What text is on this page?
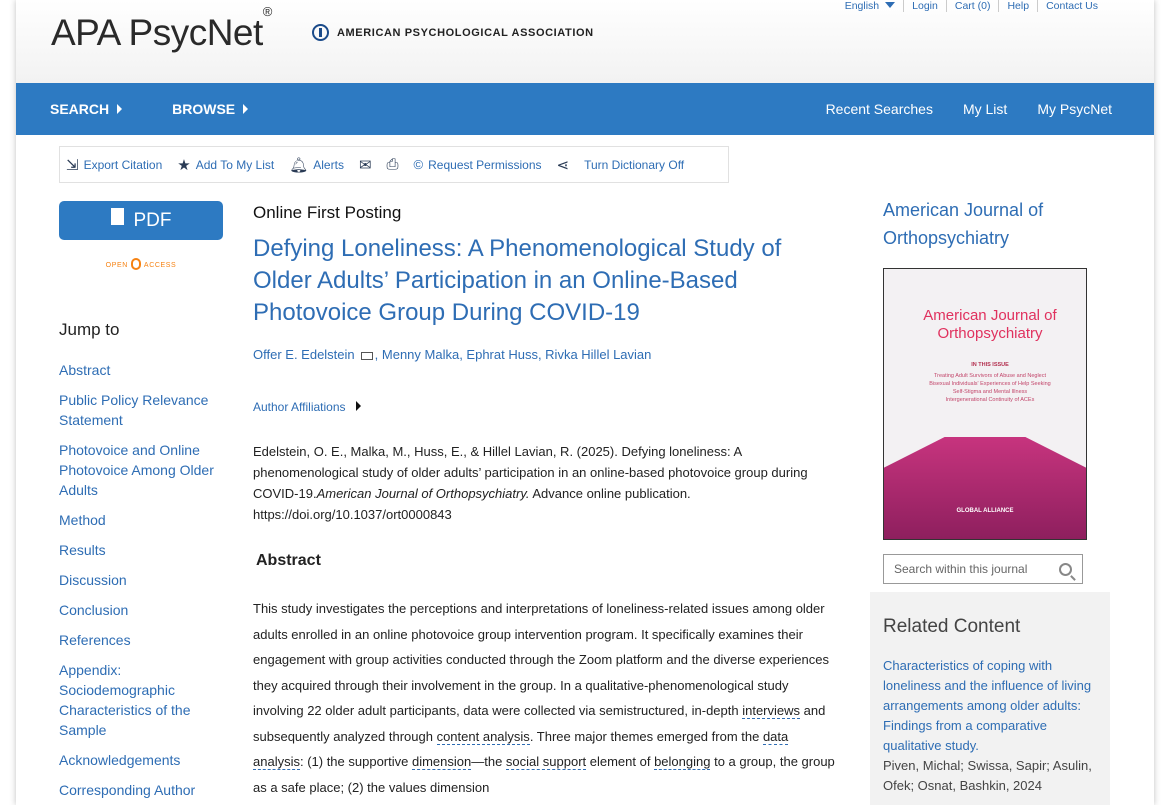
APA PsycNet®
AMERICAN PSYCHOLOGICAL ASSOCIATION
English	Login	Cart (0)	Help	Contact Us
SEARCH	BROWSE	Recent Searches My List My PsycNet
⇲ Export Citation ★ Add To My List 🔔︎ Alerts ✉ ⎙ © Request Permissions ⋖ Turn Dictionary Off
PDF
OPEN ACCESS
Jump to
Abstract
Public Policy Relevance Statement
Photovoice and Online Photovoice Among Older Adults
Method
Results
Discussion
Conclusion
References
Appendix: Sociodemographic Characteristics of the Sample
Acknowledgements
Corresponding Author
Online First Posting
Defying Loneliness: A Phenomenological Study of Older Adults’ Participation in an Online-Based Photovoice Group During COVID-19
Offer E. Edelstein , Menny Malka, Ephrat Huss, Rivka Hillel Lavian
Author Affiliations
Edelstein, O. E., Malka, M., Huss, E., & Hillel Lavian, R. (2025). Defying loneliness: A phenomenological study of older adults’ participation in an online-based photovoice group during COVID-19.American Journal of Orthopsychiatry. Advance online publication. https://doi.org/10.1037/ort0000843
Abstract
This study investigates the perceptions and interpretations of loneliness-related issues among older adults enrolled in an online photovoice group intervention program. It specifically examines their engagement with group activities conducted through the Zoom platform and the diverse experiences they acquired through their involvement in the group. In a qualitative-phenomenological study involving 22 older adult participants, data were collected via semistructured, in-depth interviews and subsequently analyzed through content analysis. Three major themes emerged from the data analysis: (1) the supportive dimension—the social support element of belonging to a group, the group as a safe place; (2) the values dimension
American Journal of Orthopsychiatry
American Journal of Orthopsychiatry
IN THIS ISSUE
Treating Adult Survivors of Abuse and Neglect
Bisexual Individuals' Experiences of Help Seeking
Self-Stigma and Mental Illness
Intergenerational Continuity of ACEs
GLOBAL ALLIANCE
Search within this journal
Related Content
Characteristics of coping with loneliness and the influence of living arrangements among older adults: Findings from a comparative qualitative study.
Piven, Michal; Swissa, Sapir; Asulin, Ofek; Osnat, Bashkin, 2024
